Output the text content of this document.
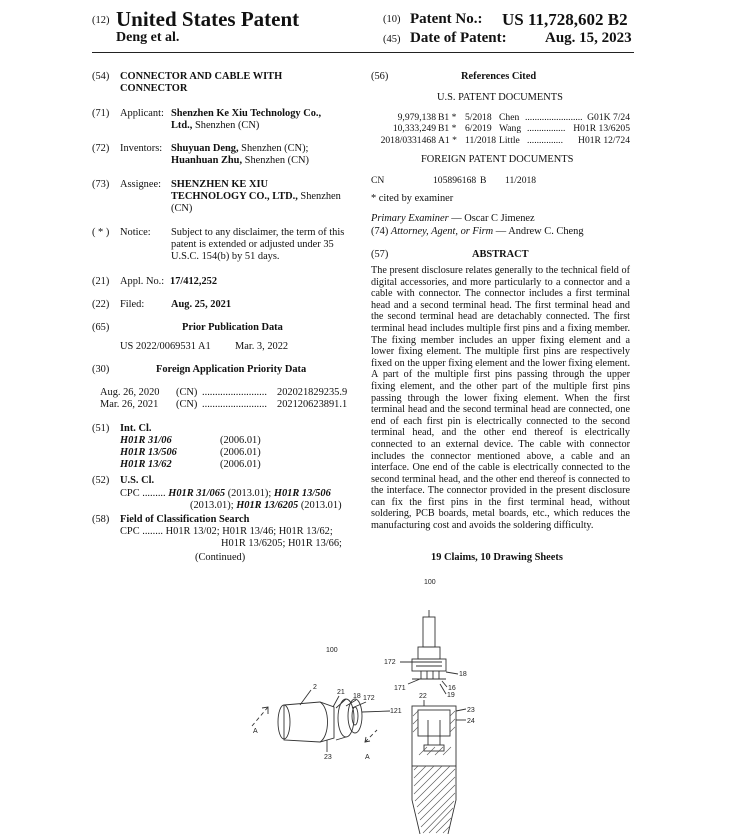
(12) United States Patent
Deng et al.
(10) Patent No.: US 11,728,602 B2
(45) Date of Patent:	Aug. 15, 2023
(54) CONNECTOR AND CABLE WITH
CONNECTOR
(71) Applicant: Shenzhen Ke Xiu Technology Co.,
Ltd., Shenzhen (CN)
(72) Inventors: Shuyuan Deng, Shenzhen (CN);
Huanhuan Zhu, Shenzhen (CN)
(73) Assignee: SHENZHEN KE XIU
TECHNOLOGY CO., LTD., Shenzhen
(CN)
( * ) Notice: Subject to any disclaimer, the term of this
patent is extended or adjusted under 35
U.S.C. 154(b) by 51 days.
(21) Appl. No.: 17/412,252
(22) Filed:	Aug. 25, 2021
(65)	Prior Publication Data
US 2022/0069531 A1 Mar. 3, 2022
(30)	Foreign Application Priority Data
Aug. 26, 2020 (CN) ......................... 202021829235.9
Mar. 26, 2021 (CN) ......................... 202120623891.1
(51) Int. Cl.
H01R 31/06	(2006.01)
H01R 13/506	(2006.01)
H01R 13/62	(2006.01)
(52) U.S. Cl.
CPC ......... H01R 31/065 (2013.01); H01R 13/506
(2013.01); H01R 13/6205 (2013.01)
(58) Field of Classification Search
CPC ........ H01R 13/02; H01R 13/46; H01R 13/62;
H01R 13/6205; H01R 13/66;
(Continued)
(56)	References Cited
U.S. PATENT DOCUMENTS
9,979,138 B1 * 5/2018 Chen ........................ G01K 7/24
10,333,249 B1 * 6/2019 Wang ................ H01R 13/6205
2018/0331468 A1 * 11/2018 Little ............... H01R 12/724
FOREIGN PATENT DOCUMENTS
CN	105896168 B 11/2018
* cited by examiner
Primary Examiner — Oscar C Jimenez
(74) Attorney, Agent, or Firm — Andrew C. Cheng
(57)	ABSTRACT
The present disclosure relates generally to the technical field of digital accessories, and more particularly to a connector and a cable with connector. The connector includes a first terminal head and a second terminal head. The first terminal head and the second terminal head are detachably connected. The first terminal head includes multiple first pins and a fixing member. The fixing member includes an upper fixing element and a lower fixing element. The multiple first pins are respectively fixed on the upper fixing element and the lower fixing element. A part of the multiple first pins passing through the upper fixing element, and the other part of the multiple first pins passing through the lower fixing element. When the first terminal head and the second terminal head are connected, one end of each first pin is electrically connected to the second terminal head, and the other end thereof is electrically connected to an external device. The cable with connector includes the connector mentioned above, a cable and an interface. One end of the cable is electrically connected to the second terminal head, and the other end thereof is connected to the interface. The connector provided in the present disclosure can fix the first pins in the first terminal head, without soldering, PCB boards, metal boards, etc., which reduces the manufacturing cost and avoids the soldering difficulty.
19 Claims, 10 Drawing Sheets
100
100
2
21
18 172
121
23
A
A
172
18
171	16
19
22
23
24
